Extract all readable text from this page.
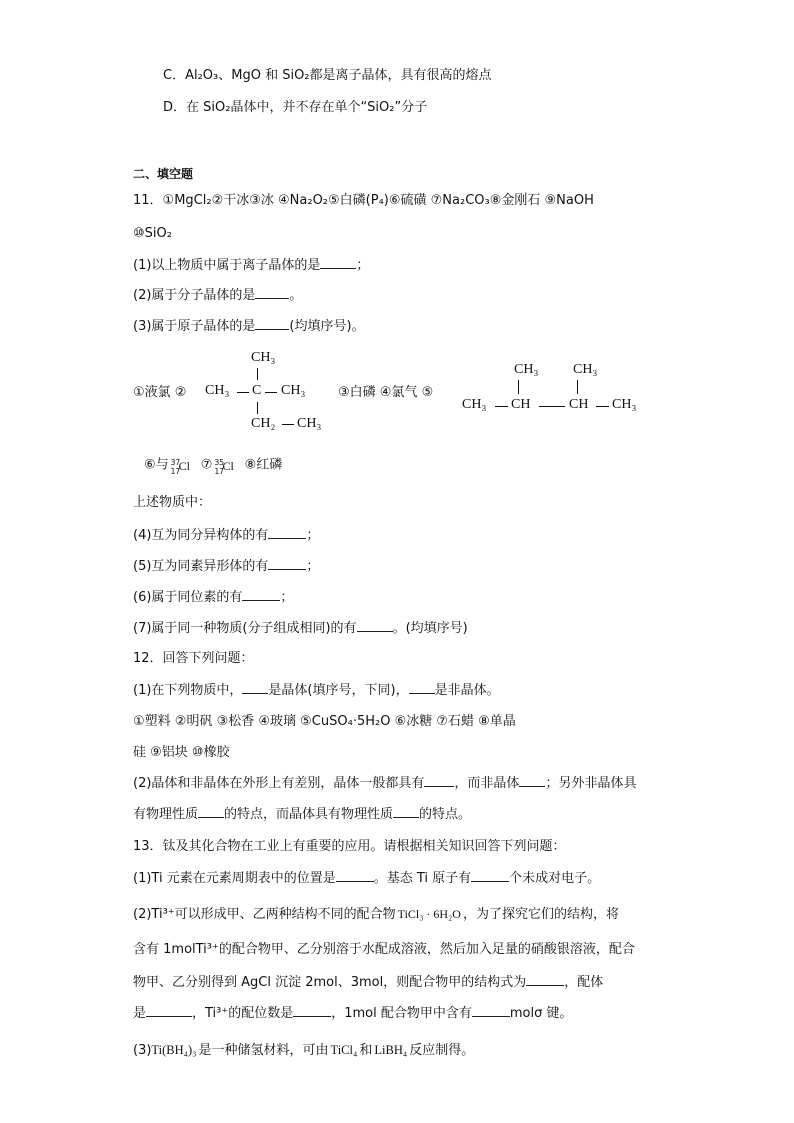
C．Al₂O₃、MgO 和 SiO₂都是离子晶体，具有很高的熔点
D．在 SiO₂晶体中，并不存在单个“SiO₂”分子
二、填空题
11．①MgCl₂②干冰③冰 ④Na₂O₂⑤白磷(P₄)⑥硫磺 ⑦Na₂CO₃⑧金刚石 ⑨NaOH
⑩SiO₂
(1)以上物质中属于离子晶体的是	；
(2)属于分子晶体的是	。
(3)属于原子晶体的是	(均填序号)。
①液氯 ②
CH₃
CH₃ C CH₃
CH₂ CH₃
③白磷 ④氯气 ⑤
CH₃ CH₃
CH₃ CH	CH CH₃
⑥与 37
17
Cl ⑦ 35
17
Cl ⑧红磷
上述物质中：
(4)互为同分异构体的有	；
(5)互为同素异形体的有	；
(6)属于同位素的有	；
(7)属于同一种物质(分子组成相同)的有	。(均填序号)
12．回答下列问题：
(1)在下列物质中， 是晶体(填序号，下同)， 是非晶体。
①塑料 ②明矾 ③松香 ④玻璃 ⑤CuSO₄·5H₂O ⑥冰糖 ⑦石蜡 ⑧单晶
硅 ⑨铝块 ⑩橡胶
(2)晶体和非晶体在外形上有差别，晶体一般都具有 ，而非晶体 ；另外非晶体具
有物理性质 的特点，而晶体具有物理性质 的特点。
13．钛及其化合物在工业上有重要的应用。请根据相关知识回答下列问题：
(1)Ti 元素在元素周期表中的位置是	。基态 Ti 原子有	个未成对电子。
(2)Ti³⁺可以形成甲、乙两种结构不同的配合物 TiCl₃ · 6H₂O ，为了探究它们的结构，将
含有 1molTi³⁺的配合物甲、乙分别溶于水配成溶液，然后加入足量的硝酸银溶液，配合
物甲、乙分别得到 AgCl 沉淀 2mol、3mol，则配合物甲的结构式为	，配体
是	，Ti³⁺的配位数是	，1mol 配合物甲中含有	molσ 键。
(3)Ti(BH₄)₃ 是一种储氢材料，可由 TiCl₄ 和 LiBH₄ 反应制得。
